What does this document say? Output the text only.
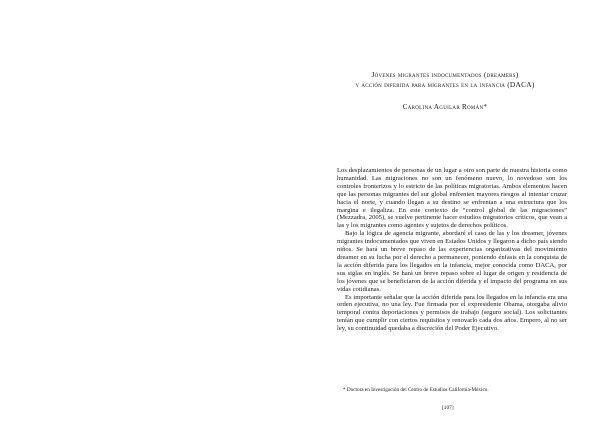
Jóvenes migrantes indocumentados (dreamers)
y acción diferida para migrantes en la infancia (DACA)
Carolina Aguilar Román*

Los desplazamientos de personas de un lugar a otro son parte de nuestra historia como humanidad. Las migraciones no son un fenómeno nuevo, lo novedoso son los controles fronterizos y lo estricto de las políticas migratorias. Ambos elementos hacen que las personas migrantes del sur global enfrenten mayores riesgos al intentar cruzar hacia el norte, y cuando llegan a su destino se enfrentan a una estructura que los margina e ilegaliza. En este contexto de “control global de las migraciones” (Mezzadra, 2005), se vuelve pertinente hacer estudios migratorios críticos, que vean a las y los migrantes como agentes y sujetos de derechos políticos.

Bajo la lógica de agencia migrante, abordaré el caso de las y los dreamer, jóvenes migrantes indocumentados que viven en Estados Unidos y llegaron a dicho país siendo niños. Se hará un breve repaso de las experiencias organizativas del movimiento dreamer en su lucha por el derecho a permanecer, poniendo énfasis en la conquista de la acción diferida para los llegados en la infancia, mejor conocida como DACA, por sus siglas en inglés. Se hará un breve repaso sobre el lugar de origen y residencia de los jóvenes que se beneficiaron de la acción diferida y el impacto del programa en sus vidas cotidianas.

Es importante señalar que la acción diferida para los llegados en la infancia era una orden ejecutiva, no una ley. Fue firmada por el expresidente Obama, otorgaba alivio temporal contra deportaciones y permisos de trabajo (seguro social). Los solicitantes tenían que cumplir con ciertos requisitos y renovarlo cada dos años. Empero, al no ser ley, su continuidad quedaba a discreción del Poder Ejecutivo.

* Doctora en Investigación del Centro de Estudios California-México.
[107]
